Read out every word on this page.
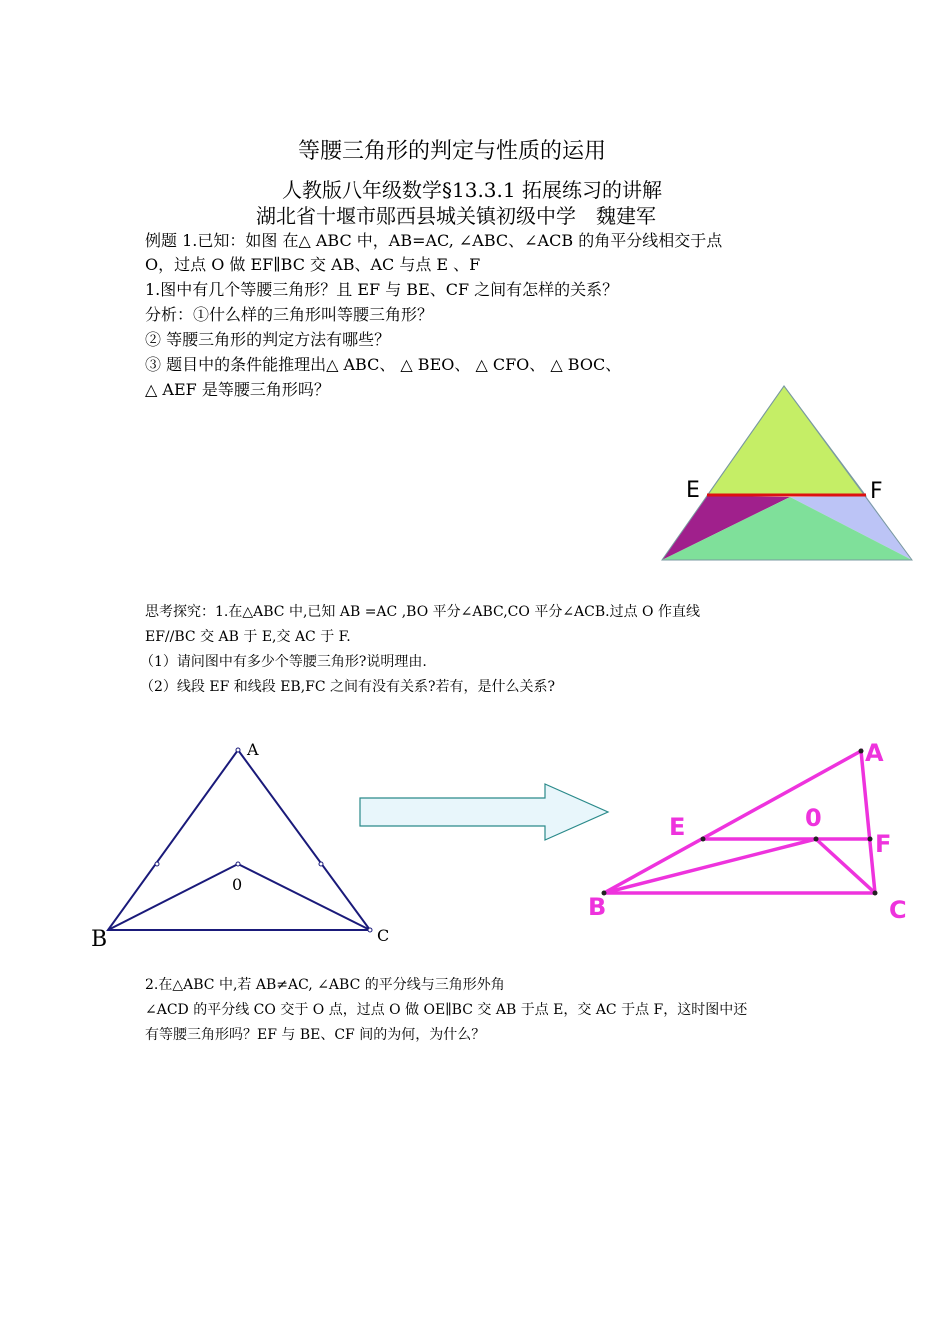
等腰三角形的判定与性质的运用
人教版八年级数学§13.3.1 拓展练习的讲解
湖北省十堰市郧西县城关镇初级中学　魏建军
例题 1.已知：如图 在△ ABC 中，AB=AC, ∠ABC、∠ACB 的角平分线相交于点
O，过点 O 做 EF∥BC 交 AB、AC 与点 E 、F
1.图中有几个等腰三角形？且 EF 与 BE、CF 之间有怎样的关系？
分析：①什么样的三角形叫等腰三角形？
② 等腰三角形的判定方法有哪些？
③ 题目中的条件能推理出△ ABC、 △ BEO、 △ CFO、 △ BOC、
△ AEF 是等腰三角形吗？
E	F
思考探究：1.在△ABC 中,已知 AB =AC ,BO 平分∠ABC,CO 平分∠ACB.过点 O 作直线
EF//BC 交 AB 于 E,交 AC 于 F.
（1）请问图中有多少个等腰三角形?说明理由.
（2）线段 EF 和线段 EB,FC 之间有没有关系?若有，是什么关系?
A
0
B	C
A
E	0
F
B	C
2.在△ABC 中,若 AB≠AC, ∠ABC 的平分线与三角形外角
∠ACD 的平分线 CO 交于 O 点，过点 O 做 OE∥BC 交 AB 于点 E，交 AC 于点 F，这时图中还
有等腰三角形吗？EF 与 BE、CF 间的为何，为什么？
